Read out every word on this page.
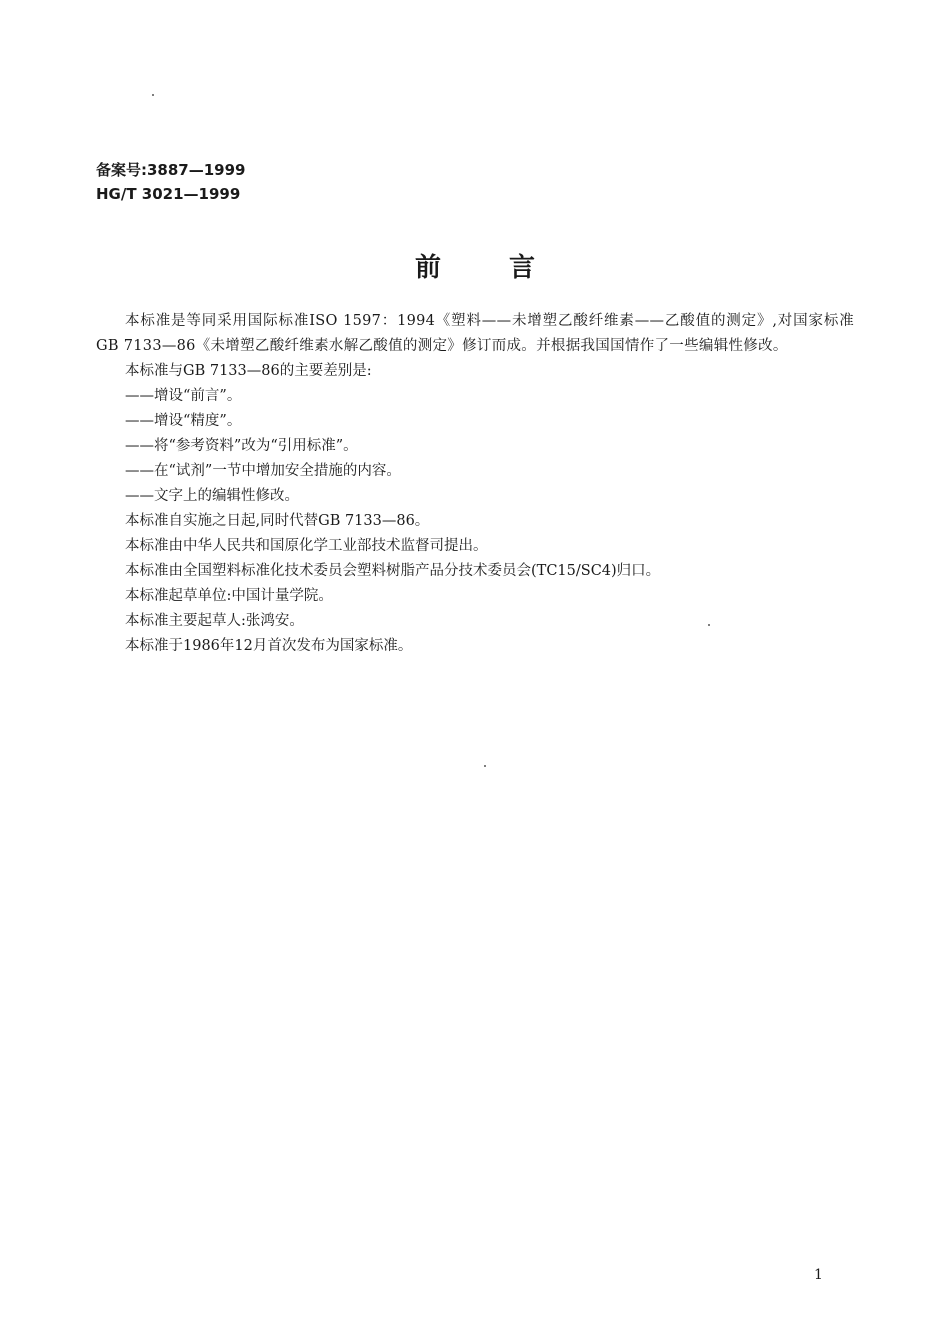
备案号:3887—1999
HG/T 3021—1999
前言

本标准是等同采用国际标准ISO 1597：1994《塑料——未增塑乙酸纤维素——乙酸值的测定》,对国家标准GB 7133—86《未增塑乙酸纤维素水解乙酸值的测定》修订而成。并根据我国国情作了一些编辑性修改。

本标准与GB 7133—86的主要差别是:

——增设“前言”。

——增设“精度”。

——将“参考资料”改为“引用标准”。

——在“试剂”一节中增加安全措施的内容。

——文字上的编辑性修改。

本标准自实施之日起,同时代替GB 7133—86。

本标准由中华人民共和国原化学工业部技术监督司提出。

本标准由全国塑料标准化技术委员会塑料树脂产品分技术委员会(TC15/SC4)归口。

本标准起草单位:中国计量学院。

本标准主要起草人:张鸿安。

本标准于1986年12月首次发布为国家标准。

1
